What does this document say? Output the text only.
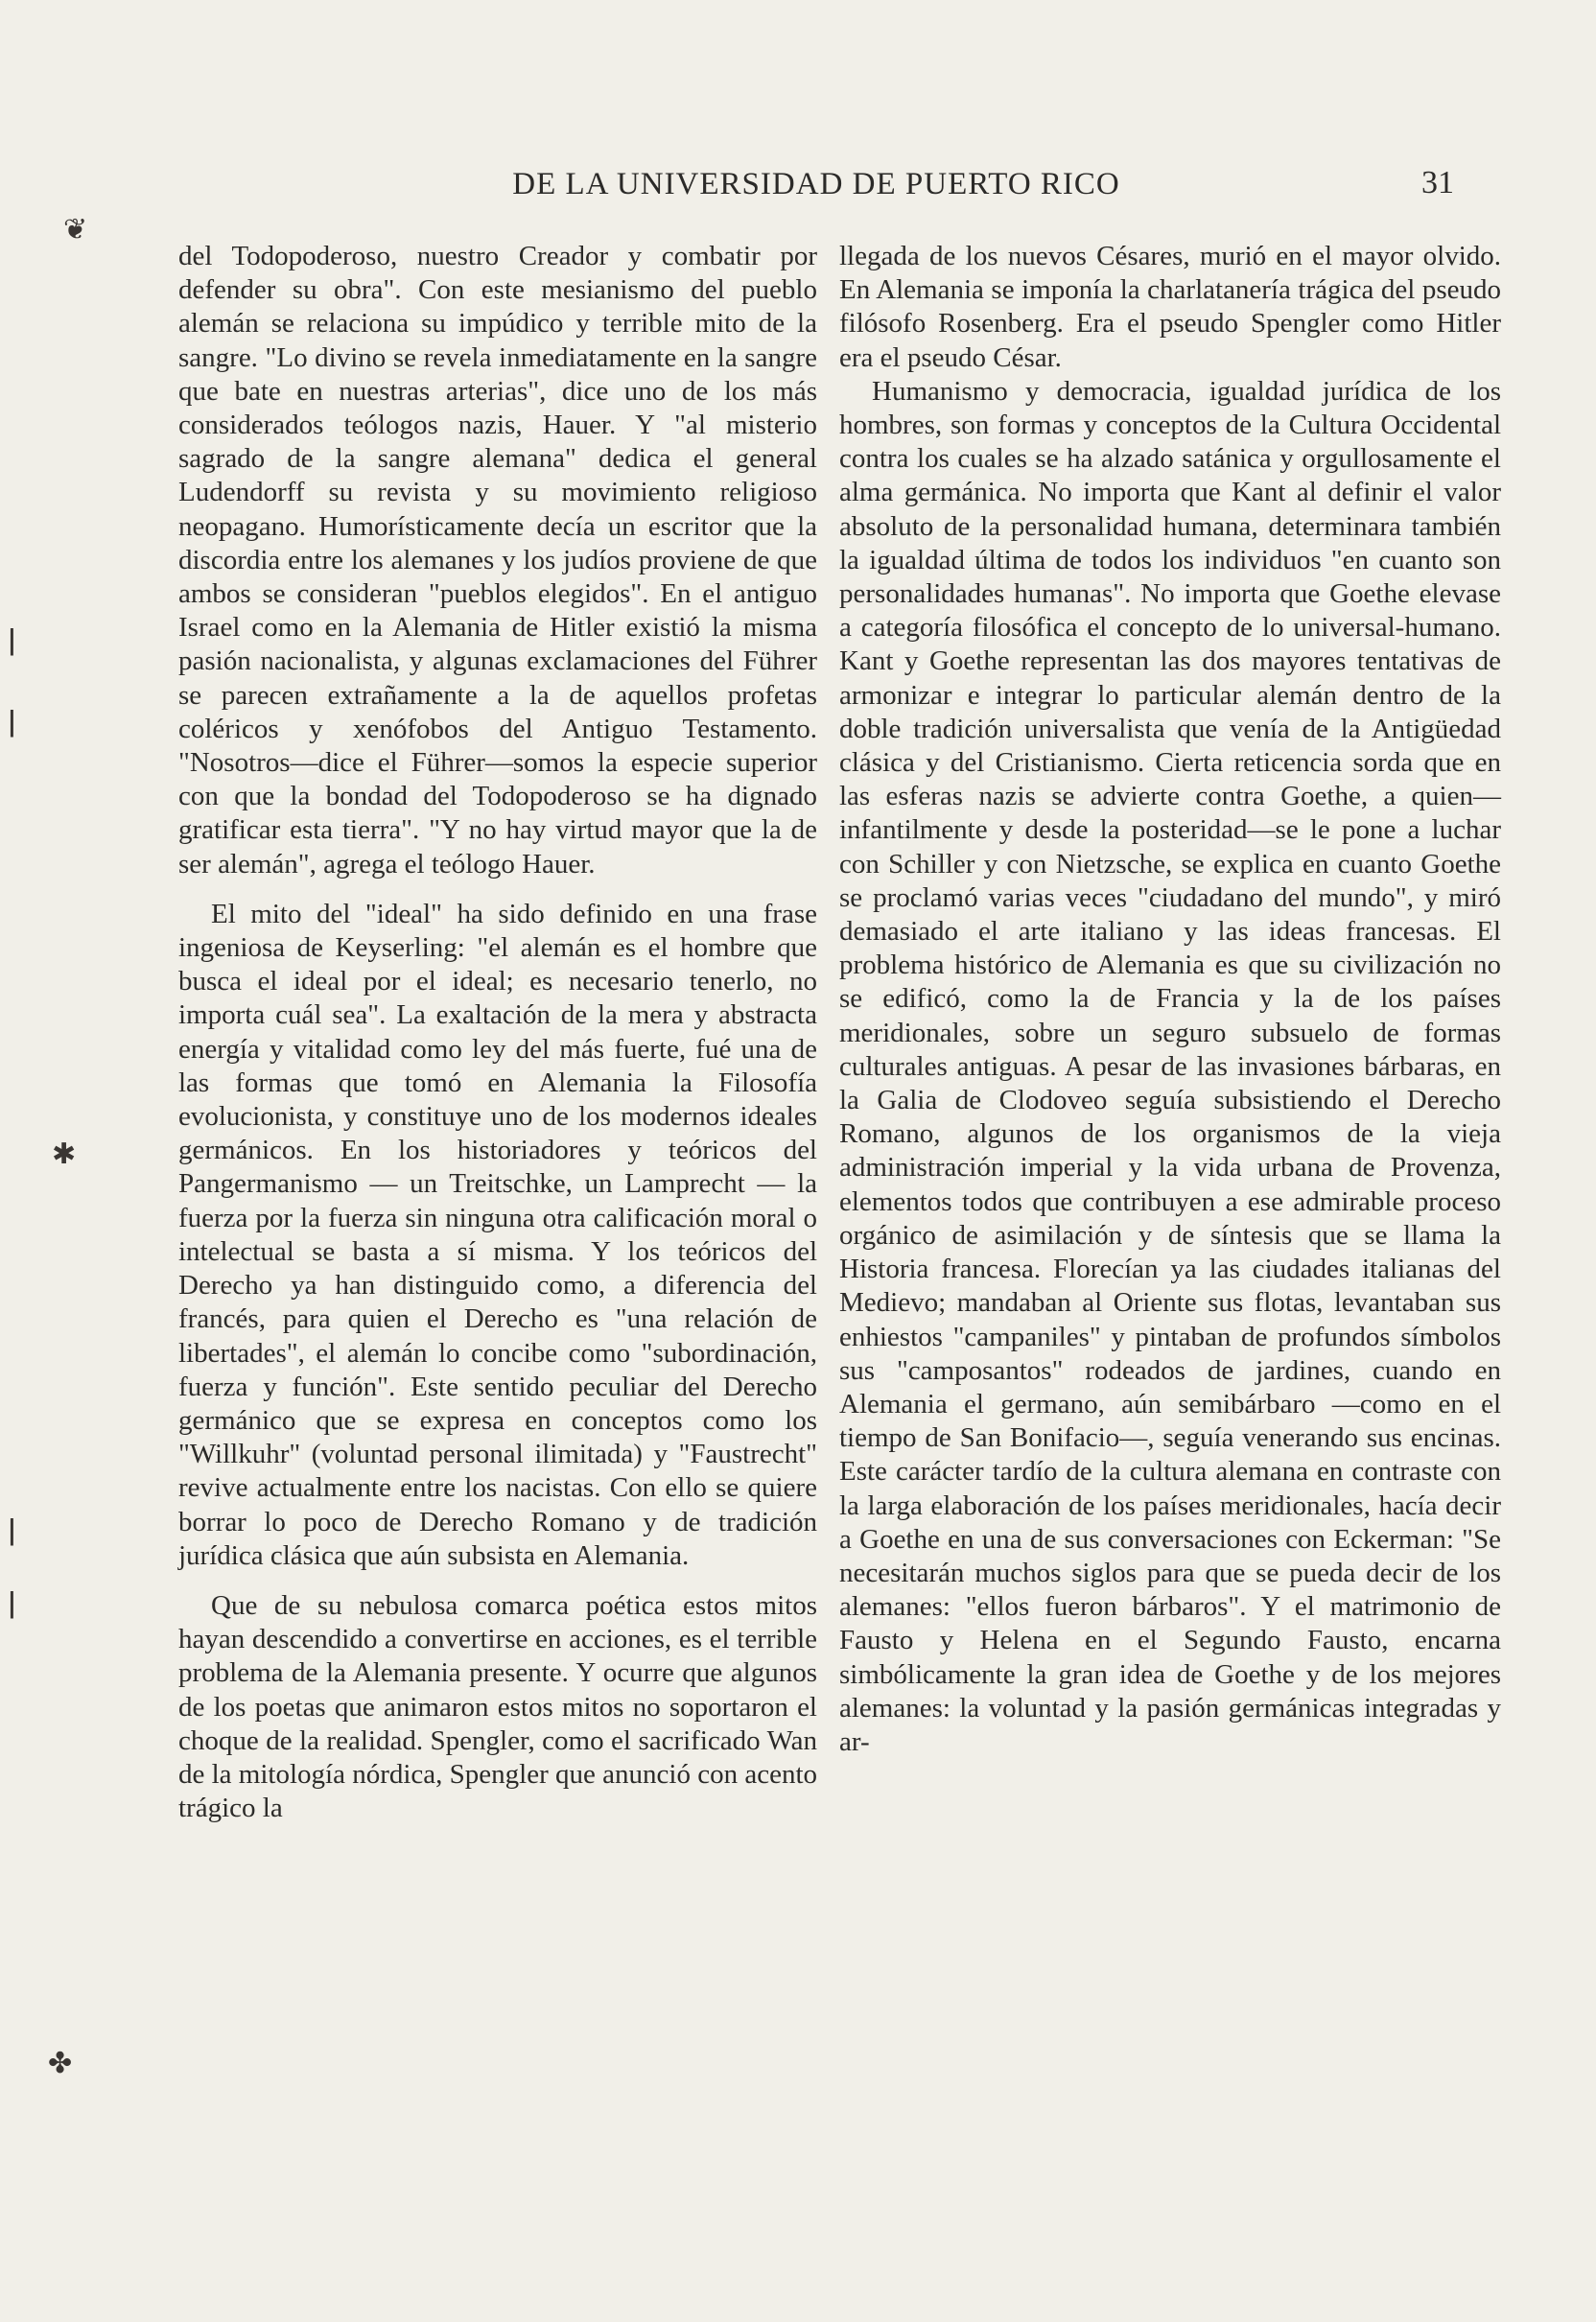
DE LA UNIVERSIDAD DE PUERTO RICO	31
❦
ǀ
ǀ
✱
ǀ
ǀ
✤

del Todopoderoso, nuestro Creador y combatir por defender su obra". Con este mesianismo del pueblo alemán se relaciona su impúdico y terrible mito de la sangre. "Lo divino se revela inmediatamente en la sangre que bate en nuestras arterias", dice uno de los más considerados teólogos nazis, Hauer. Y "al misterio sagrado de la sangre alemana" dedica el general Ludendorff su revista y su movimiento religioso neopagano. Humorísticamente decía un escritor que la discordia entre los alemanes y los judíos proviene de que ambos se consideran "pueblos elegidos". En el antiguo Israel como en la Alemania de Hitler existió la misma pasión nacionalista, y algunas exclamaciones del Führer se parecen extrañamente a la de aquellos profetas coléricos y xenófobos del Antiguo Testamento. "Nosotros—dice el Führer—somos la especie superior con que la bondad del Todopoderoso se ha dignado gratificar esta tierra". "Y no hay virtud mayor que la de ser alemán", agrega el teólogo Hauer.

El mito del "ideal" ha sido definido en una frase ingeniosa de Keyserling: "el alemán es el hombre que busca el ideal por el ideal; es necesario tenerlo, no importa cuál sea". La exaltación de la mera y abstracta energía y vitalidad como ley del más fuerte, fué una de las formas que tomó en Alemania la Filosofía evolucionista, y constituye uno de los modernos ideales germánicos. En los historiadores y teóricos del Pangermanismo — un Treitschke, un Lamprecht — la fuerza por la fuerza sin ninguna otra calificación moral o intelectual se basta a sí misma. Y los teóricos del Derecho ya han distinguido como, a diferencia del francés, para quien el Derecho es "una relación de libertades", el alemán lo concibe como "subordinación, fuerza y función". Este sentido peculiar del Derecho germánico que se expresa en conceptos como los "Willkuhr" (voluntad personal ilimitada) y "Faustrecht" revive actualmente entre los nacistas. Con ello se quiere borrar lo poco de Derecho Romano y de tradición jurídica clásica que aún subsista en Alemania.

Que de su nebulosa comarca poética estos mitos hayan descendido a convertirse en acciones, es el terrible problema de la Alemania presente. Y ocurre que algunos de los poetas que animaron estos mitos no soportaron el choque de la realidad. Spengler, como el sacrificado Wan de la mitología nórdica, Spengler que anunció con acento trágico la

llegada de los nuevos Césares, murió en el mayor olvido. En Alemania se imponía la charlatanería trágica del pseudo filósofo Rosenberg. Era el pseudo Spengler como Hitler era el pseudo César.

Humanismo y democracia, igualdad jurídica de los hombres, son formas y conceptos de la Cultura Occidental contra los cuales se ha alzado satánica y orgullosamente el alma germánica. No importa que Kant al definir el valor absoluto de la personalidad humana, determinara también la igualdad última de todos los individuos "en cuanto son personalidades humanas". No importa que Goethe elevase a categoría filosófica el concepto de lo universal-humano. Kant y Goethe representan las dos mayores tentativas de armonizar e integrar lo particular alemán dentro de la doble tradición universalista que venía de la Antigüedad clásica y del Cristianismo. Cierta reticencia sorda que en las esferas nazis se advierte contra Goethe, a quien—infantilmente y desde la posteridad—se le pone a luchar con Schiller y con Nietzsche, se explica en cuanto Goethe se proclamó varias veces "ciudadano del mundo", y miró demasiado el arte italiano y las ideas francesas. El problema histórico de Alemania es que su civilización no se edificó, como la de Francia y la de los países meridionales, sobre un seguro subsuelo de formas culturales antiguas. A pesar de las invasiones bárbaras, en la Galia de Clodoveo seguía subsistiendo el Derecho Romano, algunos de los organismos de la vieja administración imperial y la vida urbana de Provenza, elementos todos que contribuyen a ese admirable proceso orgánico de asimilación y de síntesis que se llama la Historia francesa. Florecían ya las ciudades italianas del Medievo; mandaban al Oriente sus flotas, levantaban sus enhiestos "campaniles" y pintaban de profundos símbolos sus "camposantos" rodeados de jardines, cuando en Alemania el germano, aún semibárbaro —como en el tiempo de San Bonifacio—, seguía venerando sus encinas. Este carácter tardío de la cultura alemana en contraste con la larga elaboración de los países meridionales, hacía decir a Goethe en una de sus conversaciones con Eckerman: "Se necesitarán muchos siglos para que se pueda decir de los alemanes: "ellos fueron bárbaros". Y el matrimonio de Fausto y Helena en el Segundo Fausto, encarna simbólicamente la gran idea de Goethe y de los mejores alemanes: la voluntad y la pasión germánicas integradas y ar-
